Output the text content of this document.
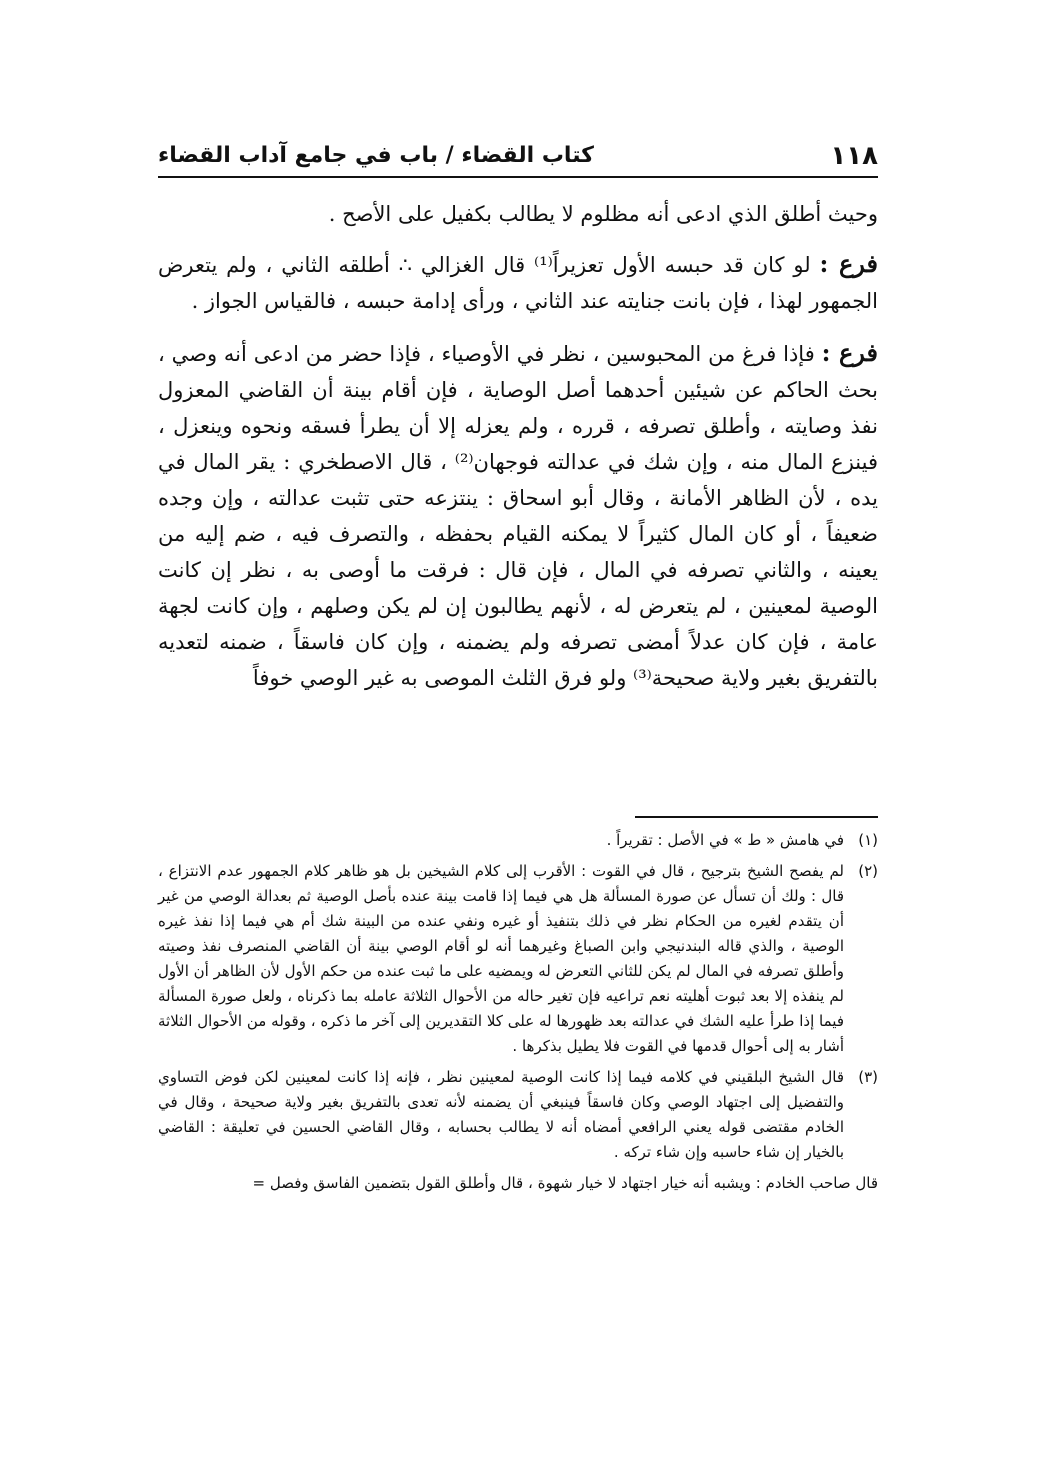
١١٨
كتاب القضاء / باب في جامع آداب القضاء

وحيث أطلق الذي ادعى أنه مظلوم لا يطالب بكفيل على الأصح .

فرع : لو كان قد حبسه الأول تعزيراً⁽¹⁾ قال الغزالي ∴ أطلقه الثاني ، ولم يتعرض الجمهور لهذا ، فإن بانت جنايته عند الثاني ، ورأى إدامة حبسه ، فالقياس الجواز .

فرع : فإذا فرغ من المحبوسين ، نظر في الأوصياء ، فإذا حضر من ادعى أنه وصي ، بحث الحاكم عن شيئين أحدهما أصل الوصاية ، فإن أقام بينة أن القاضي المعزول نفذ وصايته ، وأطلق تصرفه ، قرره ، ولم يعزله إلا أن يطرأ فسقه ونحوه وينعزل ، فينزع المال منه ، وإن شك في عدالته فوجهان⁽²⁾ ، قال الاصطخري : يقر المال في يده ، لأن الظاهر الأمانة ، وقال أبو اسحاق : ينتزعه حتى تثبت عدالته ، وإن وجده ضعيفاً ، أو كان المال كثيراً لا يمكنه القيام بحفظه ، والتصرف فيه ، ضم إليه من يعينه ، والثاني تصرفه في المال ، فإن قال : فرقت ما أوصى به ، نظر إن كانت الوصية لمعينين ، لم يتعرض له ، لأنهم يطالبون إن لم يكن وصلهم ، وإن كانت لجهة عامة ، فإن كان عدلاً أمضى تصرفه ولم يضمنه ، وإن كان فاسقاً ، ضمنه لتعديه بالتفريق بغير ولاية صحيحة⁽³⁾ ولو فرق الثلث الموصى به غير الوصي خوفاً

(١)
في هامش « ط » في الأصل : تقريراً .
(٢)
لم يفصح الشيخ بترجيح ، قال في القوت : الأقرب إلى كلام الشيخين بل هو ظاهر كلام الجمهور عدم الانتزاع ، قال : ولك أن تسأل عن صورة المسألة هل هي فيما إذا قامت بينة عنده بأصل الوصية ثم بعدالة الوصي من غير أن يتقدم لغيره من الحكام نظر في ذلك بتنفيذ أو غيره ونفي عنده من البينة شك أم هي فيما إذا نفذ غيره الوصية ، والذي قاله البندنيجي وابن الصباغ وغيرهما أنه لو أقام الوصي بينة أن القاضي المنصرف نفذ وصيته وأطلق تصرفه في المال لم يكن للثاني التعرض له ويمضيه على ما ثبت عنده من حكم الأول لأن الظاهر أن الأول لم ينفذه إلا بعد ثبوت أهليته نعم تراعيه فإن تغير حاله من الأحوال الثلاثة عامله بما ذكرناه ، ولعل صورة المسألة فيما إذا طرأ عليه الشك في عدالته بعد ظهورها له على كلا التقديرين إلى آخر ما ذكره ، وقوله من الأحوال الثلاثة أشار به إلى أحوال قدمها في القوت فلا يطيل بذكرها .
(٣)
قال الشيخ البلقيني في كلامه فيما إذا كانت الوصية لمعينين نظر ، فإنه إذا كانت لمعينين لكن فوض التساوي والتفضيل إلى اجتهاد الوصي وكان فاسقاً فينبغي أن يضمنه لأنه تعدى بالتفريق بغير ولاية صحيحة ، وقال في الخادم مقتضى قوله يعني الرافعي أمضاه أنه لا يطالب بحسابه ، وقال القاضي الحسين في تعليقة : القاضي بالخيار إن شاء حاسبه وإن شاء تركه .

قال صاحب الخادم : ويشبه أنه خيار اجتهاد لا خيار شهوة ، قال وأطلق القول بتضمين الفاسق وفصل =
